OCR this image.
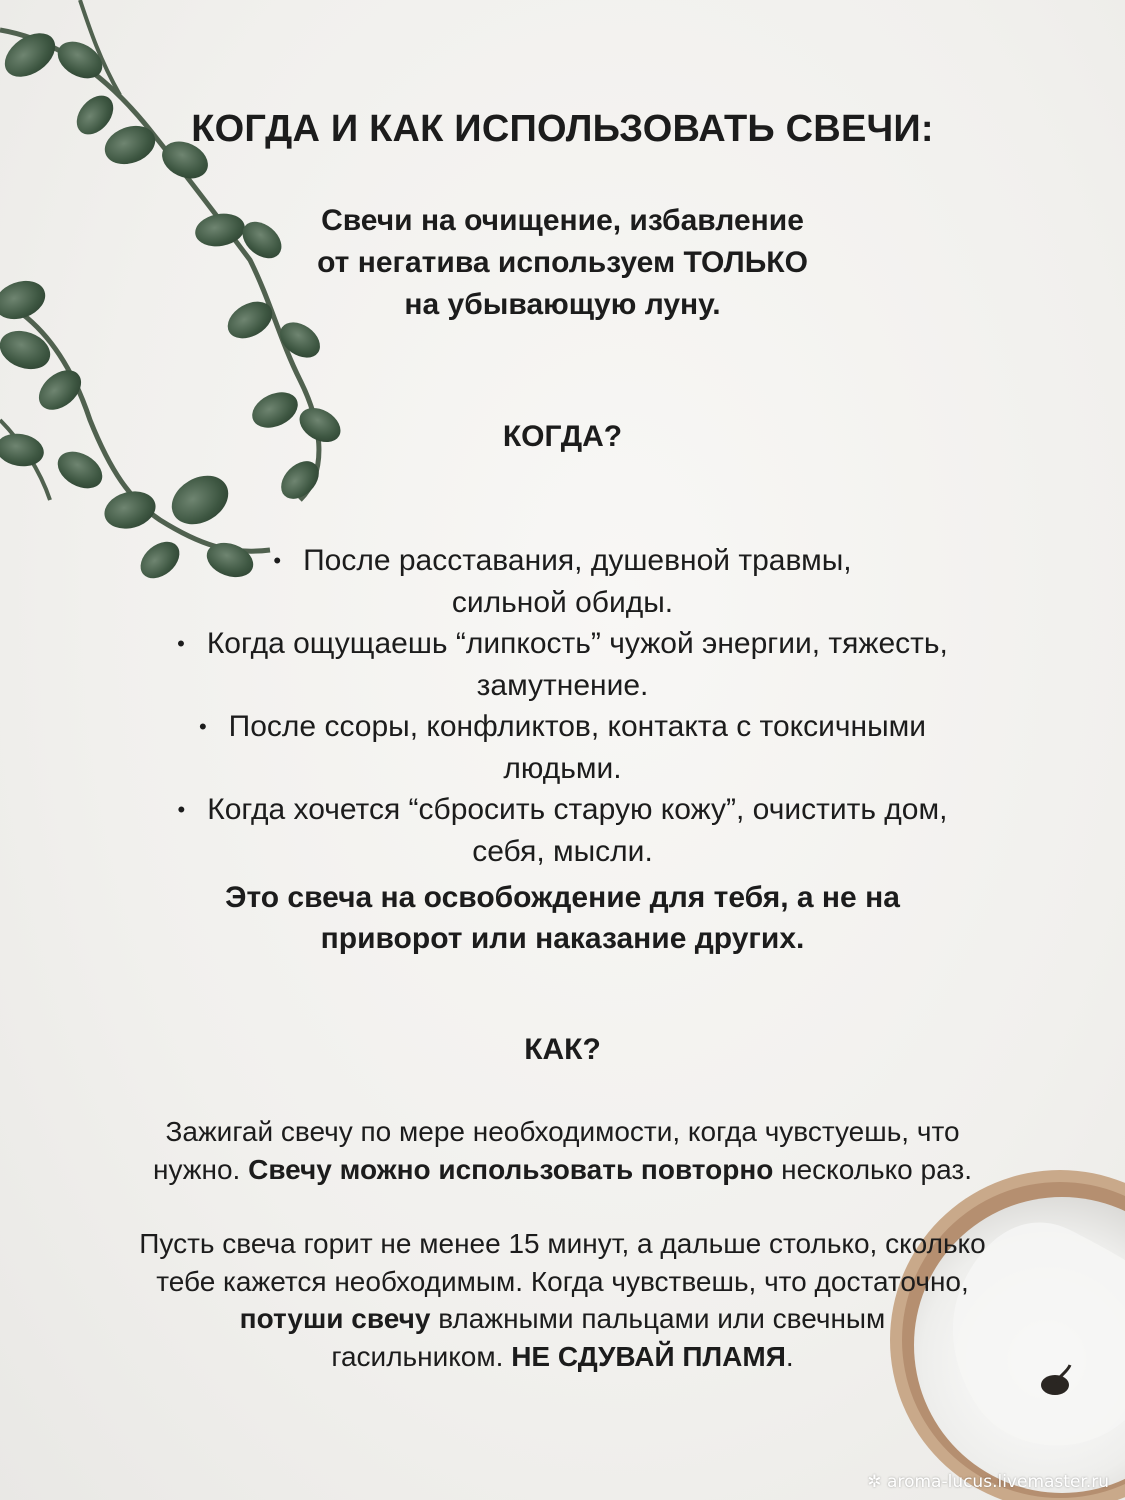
КОГДА И КАК ИСПОЛЬЗОВАТЬ СВЕЧИ:
Свечи на очищение, избавление
от негатива используем ТОЛЬКО
на убывающую луну.
КОГДА?
• После расставания, душевной травмы,
сильной обиды.
• Когда ощущаешь “липкость” чужой энергии, тяжесть,
замутнение.
• После ссоры, конфликтов, контакта с токсичными
людьми.
• Когда хочется “сбросить старую кожу”, очистить дом,
себя, мысли.
Это свеча на освобождение для тебя, а не на
приворот или наказание других.
КАК?
Зажигай свечу по мере необходимости, когда чувстуешь, что
нужно. Свечу можно использовать повторно несколько раз.
Пусть свеча горит не менее 15 минут, а дальше столько, сколько
тебе кажется необходимым. Когда чувствешь, что достаточно,
потуши свечу влажными пальцами или свечным
гасильником. НЕ СДУВАЙ ПЛАМЯ.
✲ aroma-lucus.livemaster.ru
